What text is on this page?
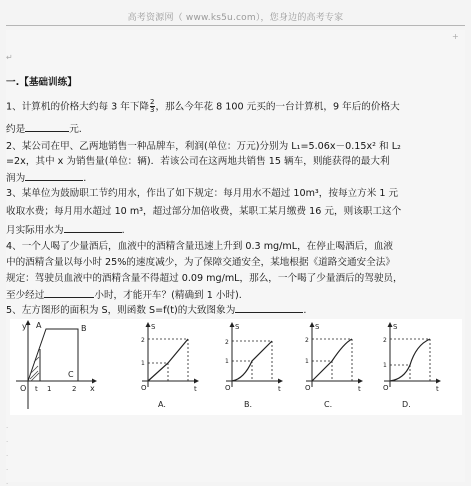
高考资源网（ www.ks5u.com），您身边的高考专家
+
↵
一.【基础训练】
1、计算机的价格大约每 3 年下降 $\frac{2}{3}$ ，那么今年花 8 100 元买的一台计算机，9 年后的价格大
约是	元.
2、某公司在甲、乙两地销售一种品牌车，利润(单位：万元)分别为 L₁=5.06x－0.15x² 和 L₂
=2x，其中 x 为销售量(单位：辆)．若该公司在这两地共销售 15 辆车，则能获得的最大利
润为	.
3、某单位为鼓励职工节约用水，作出了如下规定：每月用水不超过 10m³，按每立方米 1 元
收取水费；每月用水超过 10 m³，超过部分加倍收费，某职工某月缴费 16 元，则该职工这个
月实际用水为	.
4、一个人喝了少量酒后，血液中的酒精含量迅速上升到 0.3 mg/mL，在停止喝酒后，血液
中的酒精含量以每小时 25%的速度减少，为了保障交通安全，某地根据《道路交通安全法》
规定：驾驶员血液中的酒精含量不得超过 0.09 mg/mL，那么，一个喝了少量酒后的驾驶员，
至少经过	小时，才能开车？(精确到 1 小时).
5、左方图形的面积为 S，则函数 S=f(t)的大致图象为	.
y
x
O
A	B
C
t 1	2
S
t
O
1
2
A.
S
t
O
1
2
B.
S
t
O
1
2
C.
S
t
O
1
2
D.
.
.
.
.
.
